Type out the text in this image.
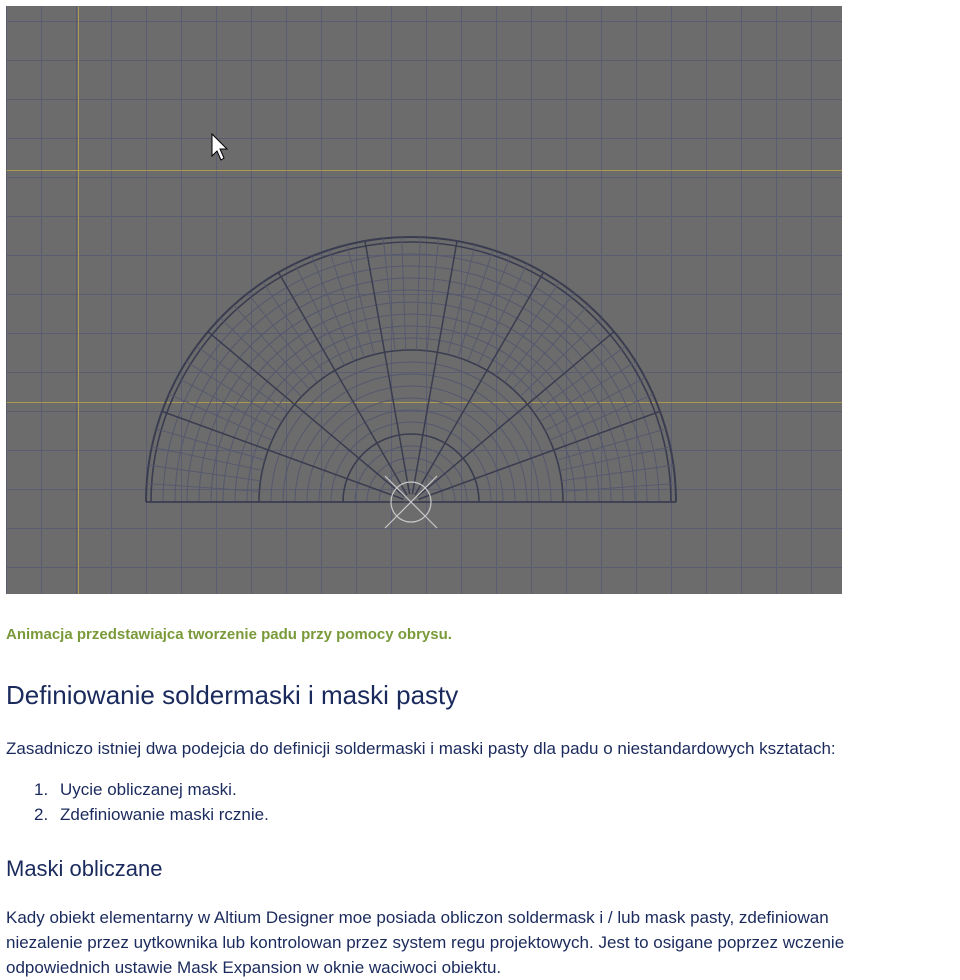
Animacja przedstawiajca tworzenie padu przy pomocy obrysu.
Definiowanie soldermaski i maski pasty
Zasadniczo istniej dwa podejcia do definicji soldermaski i maski pasty dla padu o niestandardowych ksztatach:
1. Uycie obliczanej maski.
2. Zdefiniowanie maski rcznie.
Maski obliczane
Kady obiekt elementarny w Altium Designer moe posiada obliczon soldermask i / lub mask pasty, zdefiniowan
niezalenie przez uytkownika lub kontrolowan przez system regu projektowych. Jest to osigane poprzez wczenie
odpowiednich ustawie Mask Expansion w oknie waciwoci obiektu.
